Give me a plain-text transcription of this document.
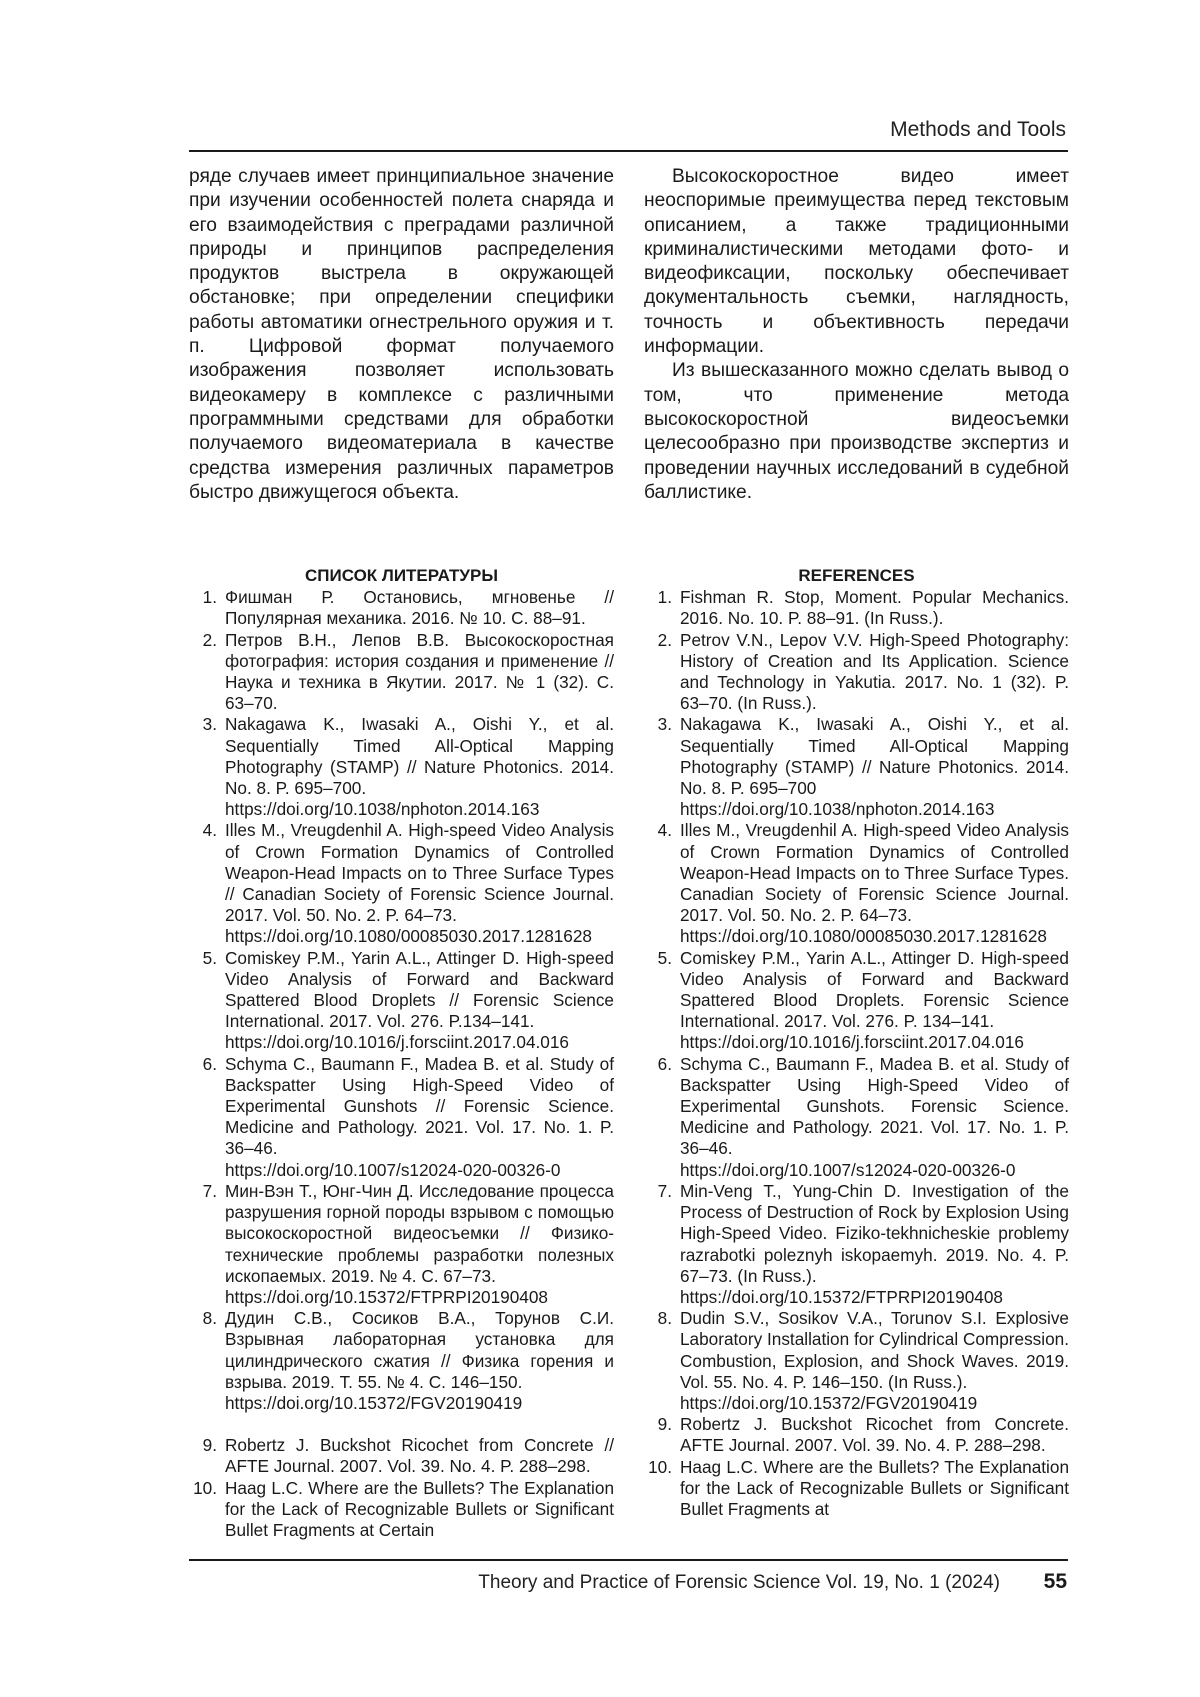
Methods and Tools

ряде случаев имеет принципиальное значение при изучении особенностей полета снаряда и его взаимодействия с преградами различной природы и принципов распределения продуктов выстрела в окружающей обстановке; при определении специфики работы автоматики огнестрельного оружия и т. п. Цифровой формат получаемого изображения позволяет использовать видеокамеру в комплексе с различными программными средствами для обработки получаемого видеоматериала в качестве средства измерения различных параметров быстро движущегося объекта.

Высокоскоростное видео имеет неоспоримые преимущества перед текстовым описанием, а также традиционными криминалистическими методами фото- и видеофиксации, поскольку обеспечивает документальность съемки, наглядность, точность и объективность передачи информации.

Из вышесказанного можно сделать вывод о том, что применение метода высокоскоростной видеосъемки целесообразно при производстве экспертиз и проведении научных исследований в судебной баллистике.

СПИСОК ЛИТЕРАТУРЫ
1. Фишман Р. Остановись, мгновенье // Популярная механика. 2016. № 10. С. 88–91.
2. Петров В.Н., Лепов В.В. Высокоскоростная фотография: история создания и применение // Наука и техника в Якутии. 2017. № 1 (32). С. 63–70.
3. Nakagawa K., Iwasaki A., Oishi Y., et al. Sequentially Timed All-Optical Mapping Photography (STAMP) // Nature Photonics. 2014. No. 8. P. 695–700.
https://doi.org/10.1038/nphoton.2014.163
4. Illes M., Vreugdenhil A. High-speed Video Analysis of Crown Formation Dynamics of Controlled Weapon-Head Impacts on to Three Surface Types // Canadian Society of Forensic Science Journal. 2017. Vol. 50. No. 2. P. 64–73.
https://doi.org/10.1080/00085030.2017.1281628
5. Comiskey P.M., Yarin A.L., Attinger D. High-speed Video Analysis of Forward and Backward Spattered Blood Droplets // Forensic Science International. 2017. Vol. 276. P.134–141.
https://doi.org/10.1016/j.forsciint.2017.04.016
6. Schyma C., Baumann F., Madea B. et al. Study of Backspatter Using High-Speed Video of Experimental Gunshots // Forensic Science. Medicine and Pathology. 2021. Vol. 17. No. 1. P. 36–46.
https://doi.org/10.1007/s12024-020-00326-0
7. Мин-Вэн Т., Юнг-Чин Д. Исследование процесса разрушения горной породы взрывом с помощью высокоскоростной видеосъемки // Физико-технические проблемы разработки полезных ископаемых. 2019. № 4. С. 67–73.
https://doi.org/10.15372/FTPRPI20190408
8. Дудин С.В., Сосиков В.А., Торунов С.И. Взрывная лабораторная установка для цилиндрического сжатия // Физика горения и взрыва. 2019. Т. 55. № 4. С. 146–150.
https://doi.org/10.15372/FGV20190419
9. Robertz J. Buckshot Ricochet from Concrete // AFTE Journal. 2007. Vol. 39. No. 4. P. 288–298.
10. Haag L.C. Where are the Bullets? The Explanation for the Lack of Recognizable Bullets or Significant Bullet Fragments at Certain
REFERENCES
1. Fishman R. Stop, Moment. Popular Mechanics. 2016. No. 10. P. 88–91. (In Russ.).
2. Petrov V.N., Lepov V.V. High-Speed Photography: History of Creation and Its Application. Science and Technology in Yakutia. 2017. No. 1 (32). P. 63–70. (In Russ.).
3. Nakagawa K., Iwasaki A., Oishi Y., et al. Sequentially Timed All-Optical Mapping Photography (STAMP) // Nature Photonics. 2014. No. 8. P. 695–700
https://doi.org/10.1038/nphoton.2014.163
4. Illes M., Vreugdenhil A. High-speed Video Analysis of Crown Formation Dynamics of Controlled Weapon-Head Impacts on to Three Surface Types. Canadian Society of Forensic Science Journal. 2017. Vol. 50. No. 2. P. 64–73.
https://doi.org/10.1080/00085030.2017.1281628
5. Comiskey P.M., Yarin A.L., Attinger D. High-speed Video Analysis of Forward and Backward Spattered Blood Droplets. Forensic Science International. 2017. Vol. 276. P. 134–141.
https://doi.org/10.1016/j.forsciint.2017.04.016
6. Schyma C., Baumann F., Madea B. et al. Study of Backspatter Using High-Speed Video of Experimental Gunshots. Forensic Science. Medicine and Pathology. 2021. Vol. 17. No. 1. P. 36–46.
https://doi.org/10.1007/s12024-020-00326-0
7. Min-Veng T., Yung-Chin D. Investigation of the Process of Destruction of Rock by Explosion Using High-Speed Video. Fiziko-tekhnicheskie problemy razrabotki poleznyh iskopaemyh. 2019. No. 4. P. 67–73. (In Russ.).
https://doi.org/10.15372/FTPRPI20190408
8. Dudin S.V., Sosikov V.A., Torunov S.I. Explosive Laboratory Installation for Cylindrical Compression. Combustion, Explosion, and Shock Waves. 2019. Vol. 55. No. 4. P. 146–150. (In Russ.).
https://doi.org/10.15372/FGV20190419
9. Robertz J. Buckshot Ricochet from Concrete. AFTE Journal. 2007. Vol. 39. No. 4. P. 288–298.
10. Haag L.C. Where are the Bullets? The Explanation for the Lack of Recognizable Bullets or Significant Bullet Fragments at
Theory and Practice of Forensic Science Vol. 19, No. 1 (2024) 55
